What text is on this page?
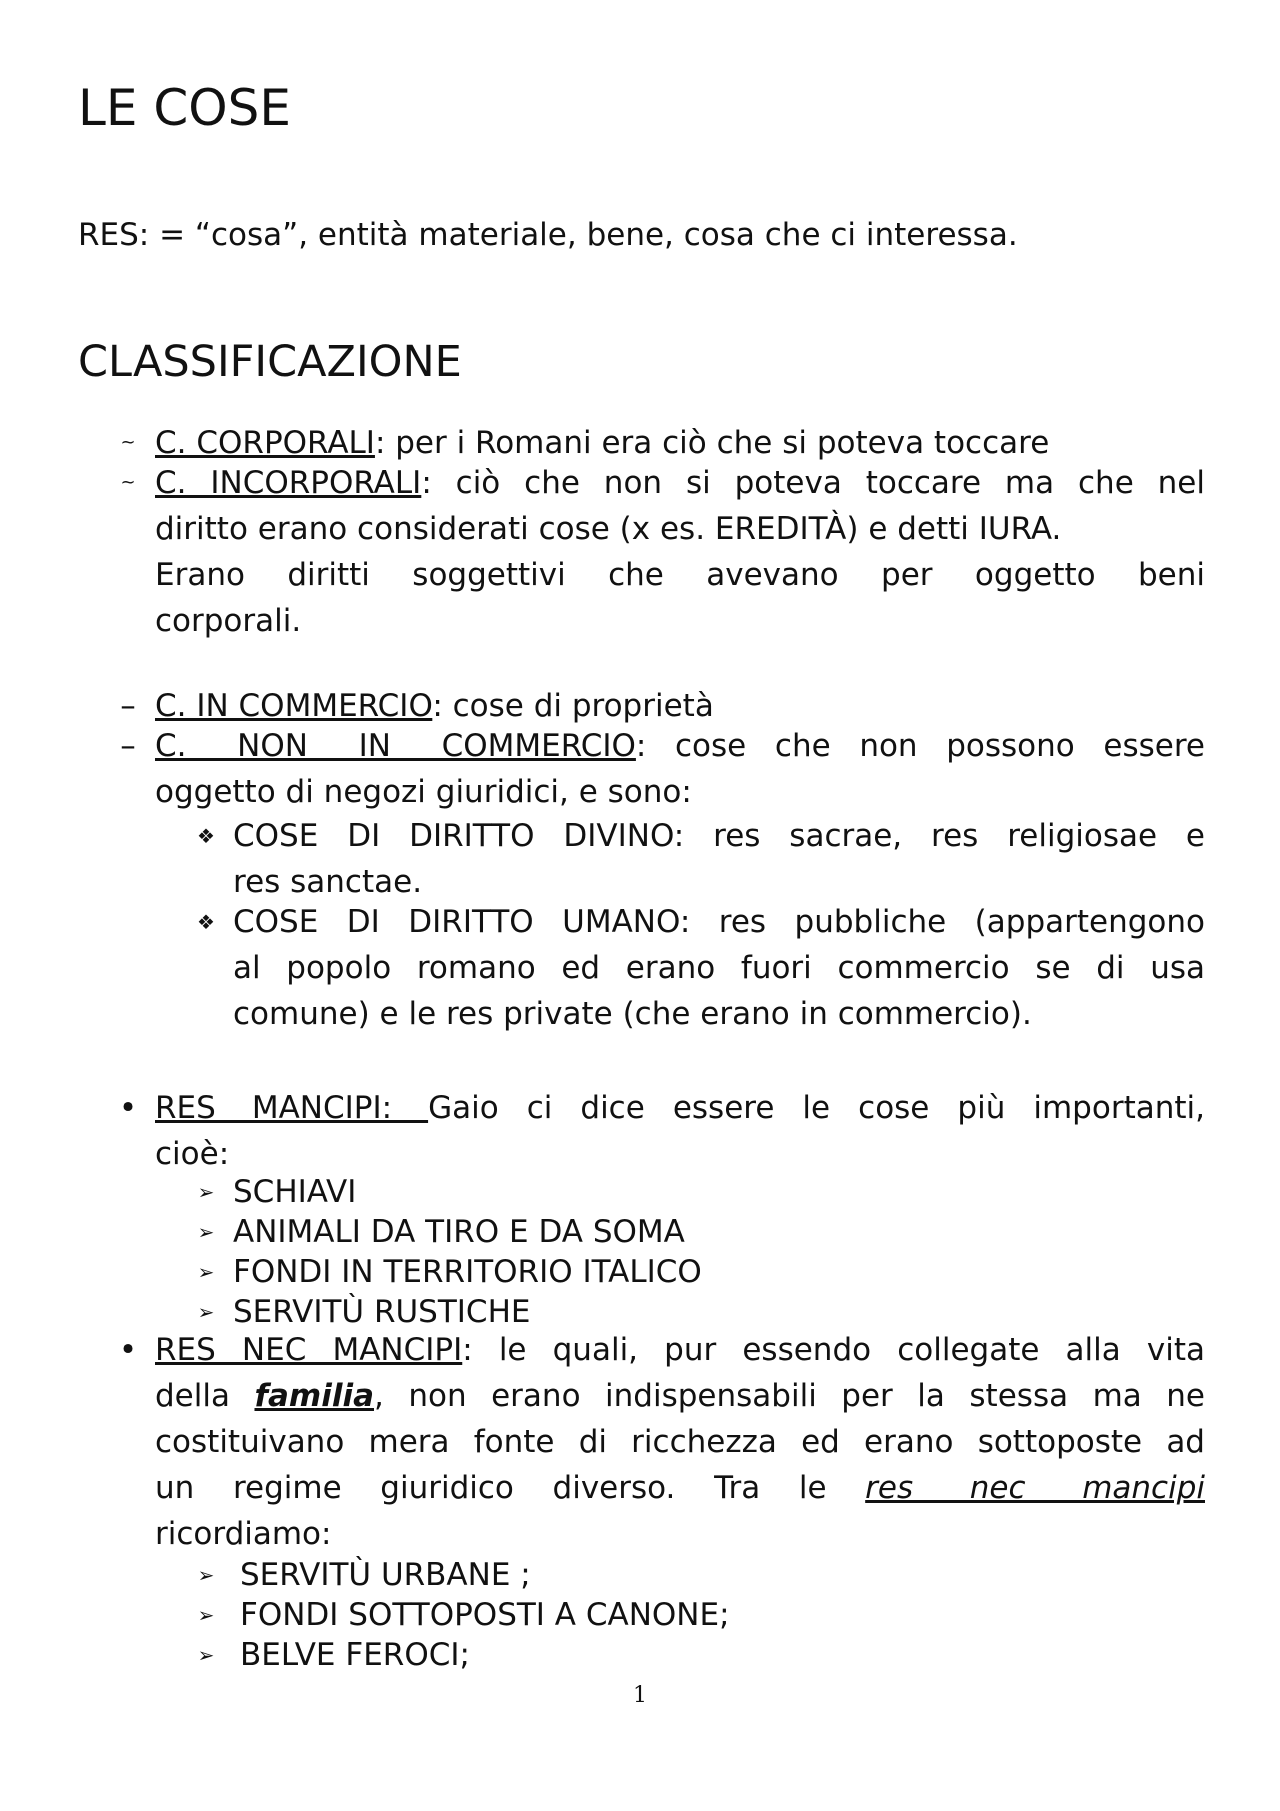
LE COSE

RES: = “cosa”, entità materiale, bene, cosa che ci interessa.

CLASSIFICAZIONE
~ C. CORPORALI: per i Romani era ciò che si poteva toccare
~ C. INCORPORALI: ciò che non si poteva toccare ma che nel
diritto erano considerati cose (x es. EREDITÀ) e detti IURA.
Erano diritti soggettivi che avevano per oggetto beni
corporali.
– C. IN COMMERCIO: cose di proprietà
– C. NON IN COMMERCIO: cose che non possono essere
oggetto di negozi giuridici, e sono:
❖ COSE DI DIRITTO DIVINO: res sacrae, res religiosae e
res sanctae.
❖ COSE DI DIRITTO UMANO: res pubbliche (appartengono
al popolo romano ed erano fuori commercio se di usa
comune) e le res private (che erano in commercio).
• RES MANCIPI: Gaio ci dice essere le cose più importanti,
cioè:
➢ SCHIAVI
➢ ANIMALI DA TIRO E DA SOMA
➢ FONDI IN TERRITORIO ITALICO
➢ SERVITÙ RUSTICHE
• RES NEC MANCIPI: le quali, pur essendo collegate alla vita
della familia, non erano indispensabili per la stessa ma ne
costituivano mera fonte di ricchezza ed erano sottoposte ad
un regime giuridico diverso. Tra le res nec mancipi
ricordiamo:
➢ SERVITÙ URBANE ;
➢ FONDI SOTTOPOSTI A CANONE;
➢ BELVE FEROCI;
1
